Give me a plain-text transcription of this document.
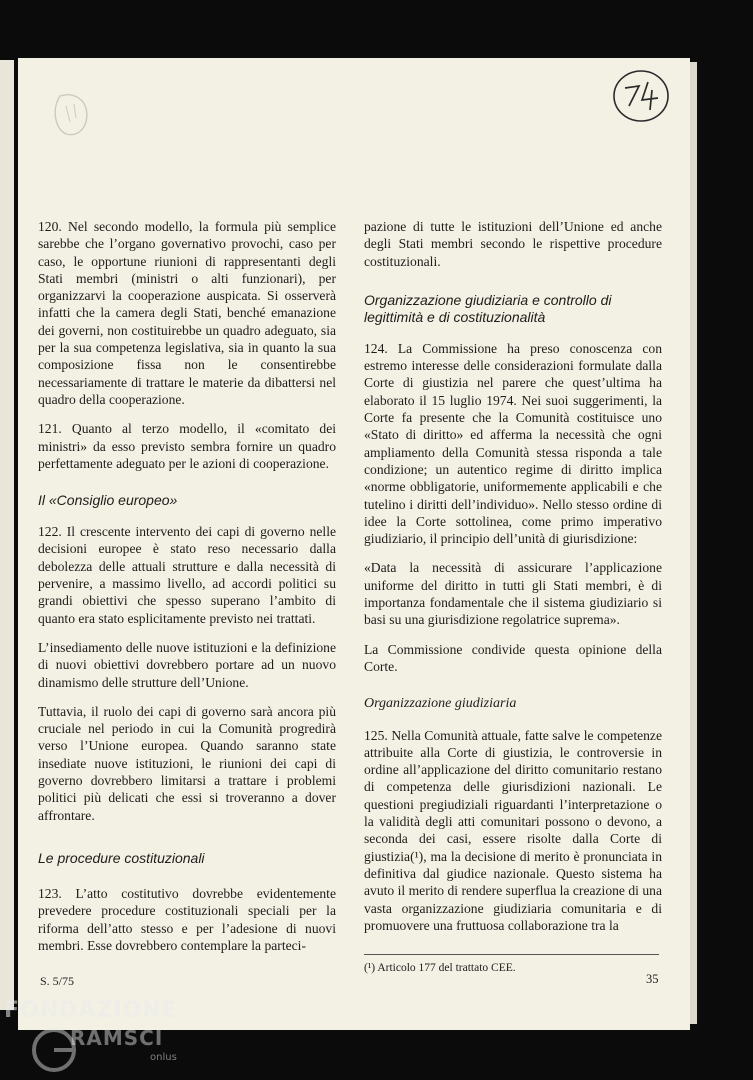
120. Nel secondo modello, la formula più semplice sarebbe che l’organo governativo provochi, caso per caso, le opportune riunioni di rappresentanti degli Stati membri (ministri o alti funzionari), per organizzarvi la cooperazione auspicata. Si osserverà infatti che la camera degli Stati, benché emanazione dei governi, non costituirebbe un quadro adeguato, sia per la sua competenza legislativa, sia in quanto la sua composizione fissa non le consentirebbe necessariamente di trattare le materie da dibattersi nel quadro della cooperazione.

121. Quanto al terzo modello, il «comitato dei ministri» da esso previsto sembra fornire un quadro perfettamente adeguato per le azioni di cooperazione.

Il «Consiglio europeo»

122. Il crescente intervento dei capi di governo nelle decisioni europee è stato reso necessario dalla debolezza delle attuali strutture e dalla necessità di pervenire, a massimo livello, ad accordi politici su grandi obiettivi che spesso superano l’ambito di quanto era stato esplicitamente previsto nei trattati.

L’insediamento delle nuove istituzioni e la definizione di nuovi obiettivi dovrebbero portare ad un nuovo dinamismo delle strutture dell’Unione.

Tuttavia, il ruolo dei capi di governo sarà ancora più cruciale nel periodo in cui la Comunità progredirà verso l’Unione europea. Quando saranno state insediate nuove istituzioni, le riunioni dei capi di governo dovrebbero limitarsi a trattare i problemi politici più delicati che essi si troveranno a dover affrontare.

Le procedure costituzionali

123. L’atto costitutivo dovrebbe evidentemente prevedere procedure costituzionali speciali per la riforma dell’atto stesso e per l’adesione di nuovi membri. Esse dovrebbero contemplare la parteci-

pazione di tutte le istituzioni dell’Unione ed anche degli Stati membri secondo le rispettive procedure costituzionali.

Organizzazione giudiziaria e controllo di legittimità e di costituzionalità

124. La Commissione ha preso conoscenza con estremo interesse delle considerazioni formulate dalla Corte di giustizia nel parere che quest’ultima ha elaborato il 15 luglio 1974. Nei suoi suggerimenti, la Corte fa presente che la Comunità costituisce uno «Stato di diritto» ed afferma la necessità che ogni ampliamento della Comunità stessa risponda a tale condizione; un autentico regime di diritto implica «norme obbligatorie, uniformemente applicabili e che tutelino i diritti dell’individuo». Nello stesso ordine di idee la Corte sottolinea, come primo imperativo giudiziario, il principio dell’unità di giurisdizione:

«Data la necessità di assicurare l’applicazione uniforme del diritto in tutti gli Stati membri, è di importanza fondamentale che il sistema giudiziario si basi su una giurisdizione regolatrice suprema».

La Commissione condivide questa opinione della Corte.

Organizzazione giudiziaria

125. Nella Comunità attuale, fatte salve le competenze attribuite alla Corte di giustizia, le controversie in ordine all’applicazione del diritto comunitario restano di competenza delle giurisdizioni nazionali. Le questioni pregiudiziali riguardanti l’interpretazione o la validità degli atti comunitari possono o devono, a seconda dei casi, essere risolte dalla Corte di giustizia(¹), ma la decisione di merito è pronunciata in definitiva dal giudice nazionale. Questo sistema ha avuto il merito di rendere superflua la creazione di una vasta organizzazione giudiziaria comunitaria e di promuovere una fruttuosa collaborazione tra la

(¹) Articolo 177 del trattato CEE.

S. 5/75	35
FONDAZIONE
RAMSCI
onlus
